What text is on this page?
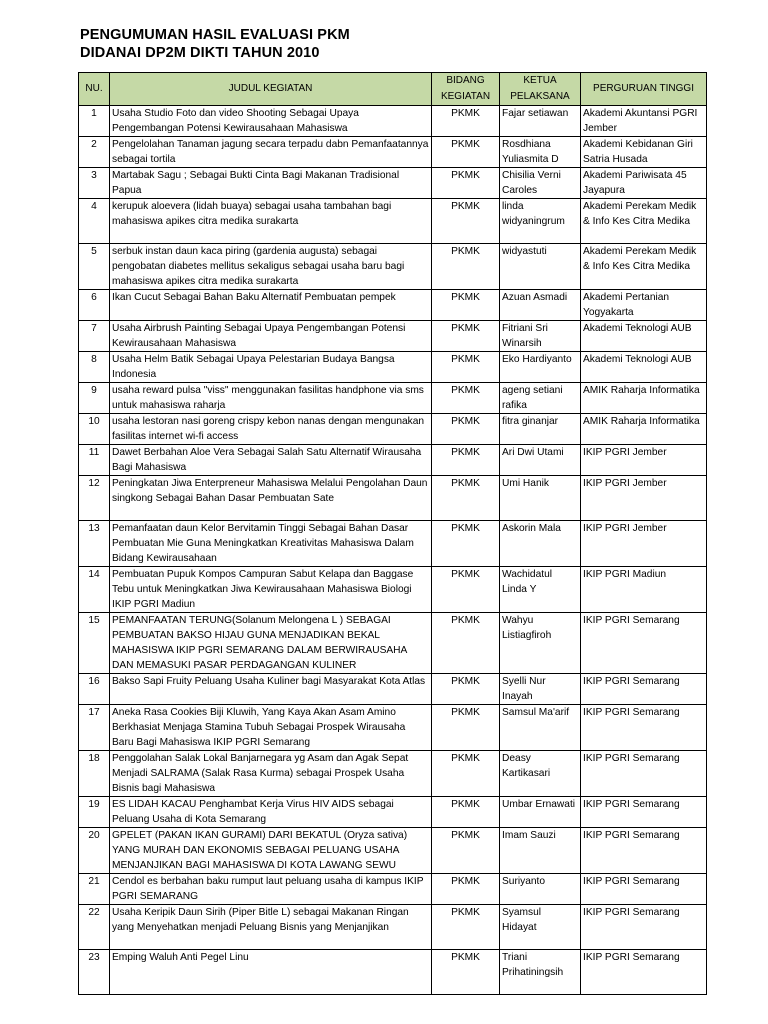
PENGUMUMAN HASIL EVALUASI PKM
DIDANAI DP2M DIKTI TAHUN 2010
NU.	JUDUL KEGIATAN	BIDANG KEGIATAN	KETUA PELAKSANA	PERGURUAN TINGGI
1	Usaha Studio Foto dan video Shooting Sebagai Upaya Pengembangan Potensi Kewirausahaan Mahasiswa	PKMK	Fajar setiawan	Akademi Akuntansi PGRI Jember
2	Pengelolahan Tanaman jagung secara terpadu dabn Pemanfaatannya sebagai tortila	PKMK	Rosdhiana Yuliasmita D	Akademi Kebidanan Giri Satria Husada
3	Martabak Sagu ; Sebagai Bukti Cinta Bagi Makanan Tradisional Papua	PKMK	Chisilia Verni Caroles	Akademi Pariwisata 45 Jayapura
4	kerupuk aloevera (lidah buaya) sebagai usaha tambahan bagi mahasiswa apikes citra medika surakarta	PKMK	linda widyaningrum	Akademi Perekam Medik & Info Kes Citra Medika
5	serbuk instan daun kaca piring (gardenia augusta) sebagai pengobatan diabetes mellitus sekaligus sebagai usaha baru bagi mahasiswa apikes citra medika surakarta	PKMK	widyastuti	Akademi Perekam Medik & Info Kes Citra Medika
6	Ikan Cucut Sebagai Bahan Baku Alternatif Pembuatan pempek	PKMK	Azuan Asmadi	Akademi Pertanian Yogyakarta
7	Usaha Airbrush Painting Sebagai Upaya Pengembangan Potensi Kewirausahaan Mahasiswa	PKMK	Fitriani Sri Winarsih	Akademi Teknologi AUB
8	Usaha Helm Batik Sebagai Upaya Pelestarian Budaya Bangsa Indonesia	PKMK	Eko Hardiyanto	Akademi Teknologi AUB
9	usaha reward pulsa "viss" menggunakan fasilitas handphone via sms untuk mahasiswa raharja	PKMK	ageng setiani rafika	AMIK Raharja Informatika
10	usaha lestoran nasi goreng crispy kebon nanas dengan mengunakan fasilitas internet wi-fi access	PKMK	fitra ginanjar	AMIK Raharja Informatika
11	Dawet Berbahan Aloe Vera Sebagai Salah Satu Alternatif Wirausaha Bagi Mahasiswa	PKMK	Ari Dwi Utami	IKIP PGRI Jember
12	Peningkatan Jiwa Enterpreneur Mahasiswa Melalui Pengolahan Daun singkong Sebagai Bahan Dasar Pembuatan Sate	PKMK	Umi Hanik	IKIP PGRI Jember
13	Pemanfaatan daun Kelor Bervitamin Tinggi Sebagai Bahan Dasar Pembuatan Mie Guna Meningkatkan Kreativitas Mahasiswa Dalam Bidang Kewirausahaan	PKMK	Askorin Mala	IKIP PGRI Jember
14	Pembuatan Pupuk Kompos Campuran Sabut Kelapa dan Baggase Tebu untuk Meningkatkan Jiwa Kewirausahaan Mahasiswa Biologi IKIP PGRI Madiun	PKMK	Wachidatul Linda Y	IKIP PGRI Madiun
15	PEMANFAATAN TERUNG(Solanum Melongena L ) SEBAGAI PEMBUATAN BAKSO HIJAU GUNA MENJADIKAN BEKAL MAHASISWA IKIP PGRI SEMARANG DALAM BERWIRAUSAHA DAN MEMASUKI PASAR PERDAGANGAN KULINER	PKMK	Wahyu Listiagfiroh	IKIP PGRI Semarang
16	Bakso Sapi Fruity Peluang Usaha Kuliner bagi Masyarakat Kota Atlas	PKMK	Syelli Nur Inayah	IKIP PGRI Semarang
17	Aneka Rasa Cookies Biji Kluwih, Yang Kaya Akan Asam Amino Berkhasiat Menjaga Stamina Tubuh Sebagai Prospek Wirausaha Baru Bagi Mahasiswa IKIP PGRI Semarang	PKMK	Samsul Ma'arif	IKIP PGRI Semarang
18	Penggolahan Salak Lokal Banjarnegara yg Asam dan Agak Sepat Menjadi SALRAMA (Salak Rasa Kurma) sebagai Prospek Usaha Bisnis bagi Mahasiswa	PKMK	Deasy Kartikasari	IKIP PGRI Semarang
19	ES LIDAH KACAU Penghambat Kerja Virus HIV AIDS sebagai Peluang Usaha di Kota Semarang	PKMK	Umbar Ernawati	IKIP PGRI Semarang
20	GPELET (PAKAN IKAN GURAMI) DARI BEKATUL (Oryza sativa) YANG MURAH DAN EKONOMIS SEBAGAI PELUANG USAHA MENJANJIKAN BAGI MAHASISWA DI KOTA LAWANG SEWU	PKMK	Imam Sauzi	IKIP PGRI Semarang
21	Cendol es berbahan baku rumput laut peluang usaha di kampus IKIP PGRI SEMARANG	PKMK	Suriyanto	IKIP PGRI Semarang
22	Usaha Keripik Daun Sirih (Piper Bitle L) sebagai Makanan Ringan yang Menyehatkan menjadi Peluang Bisnis yang Menjanjikan	PKMK	Syamsul Hidayat	IKIP PGRI Semarang
23	Emping Waluh Anti Pegel Linu	PKMK	Triani Prihatiningsih	IKIP PGRI Semarang
